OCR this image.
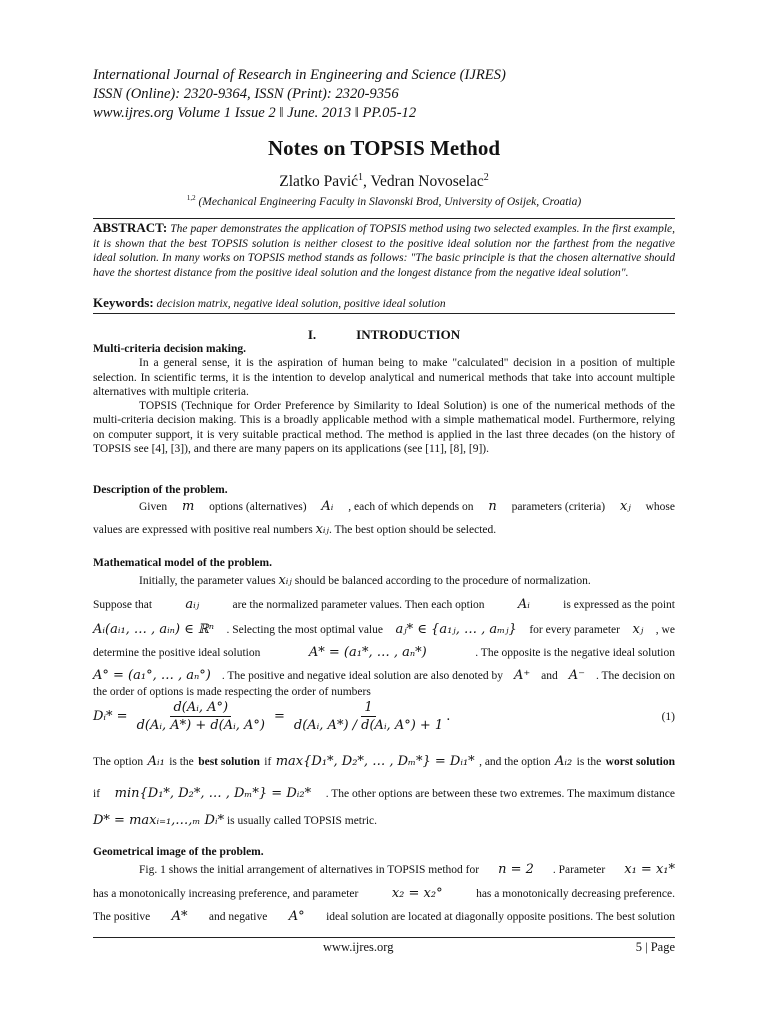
International Journal of Research in Engineering and Science (IJRES)
ISSN (Online): 2320-9364, ISSN (Print): 2320-9356
www.ijres.org Volume 1 Issue 2 ǁ June. 2013 ǁ PP.05-12
Notes on TOPSIS Method
Zlatko Pavić$^1$, Vedran Novoselac$^2$
$^{1,2}$ (Mechanical Engineering Faculty in Slavonski Brod, University of Osijek, Croatia)
ABSTRACT: The paper demonstrates the application of TOPSIS method using two selected examples. In the first example, it is shown that the best TOPSIS solution is neither closest to the positive ideal solution nor the farthest from the negative ideal solution. In many works on TOPSIS method stands as follows: "The basic principle is that the chosen alternative should have the shortest distance from the positive ideal solution and the longest distance from the negative ideal solution".
Keywords: decision matrix, negative ideal solution, positive ideal solution
I.	INTRODUCTION
Multi-criteria decision making.
In a general sense, it is the aspiration of human being to make "calculated" decision in a position of multiple selection. In scientific terms, it is the intention to develop analytical and numerical methods that take into account multiple alternatives with multiple criteria.
TOPSIS (Technique for Order Preference by Similarity to Ideal Solution) is one of the numerical methods of the multi-criteria decision making. This is a broadly applicable method with a simple mathematical model. Furthermore, relying on computer support, it is very suitable practical method. The method is applied in the last three decades (on the history of TOPSIS see [4], [3]), and there are many papers on its applications (see [11], [8], [9]).
Description of the problem.
Given m options (alternatives) Aᵢ , each of which depends on n parameters (criteria) xⱼ whose
values are expressed with positive real numbers xᵢⱼ. The best option should be selected.
Mathematical model of the problem.
Initially, the parameter values xᵢⱼ should be balanced according to the procedure of normalization.
Suppose that	aᵢⱼ	are the normalized parameter values. Then each option	Aᵢ	is expressed as the point
Aᵢ(aᵢ₁, … , aᵢₙ) ∈ ℝⁿ . Selecting the most optimal value aⱼ* ∈ {a₁ⱼ, … , aₘⱼ} for every parameter xⱼ , we
determine the positive ideal solution	A* = (a₁*, … , aₙ*)	. The opposite is the negative ideal solution
A° = (a₁°, … , aₙ°) . The positive and negative ideal solution are also denoted by A⁺ and A⁻ . The decision on
the order of options is made respecting the order of numbers
Dᵢ* = $\frac{\text{d(Aᵢ, A°)}}{\text{d(Aᵢ, A*) + d(Aᵢ, A°)}} = \frac{1}{\text{d(Aᵢ, A*) / d(Aᵢ, A°) + 1}}$ .	(1)
The option Aᵢ₁ is the best solution if max{D₁*, D₂*, … , Dₘ*} = Dᵢ₁* , and the option Aᵢ₂ is the worst solution
if min{D₁*, D₂*, … , Dₘ*} = Dᵢ₂* . The other options are between these two extremes. The maximum distance
D* = maxᵢ₌₁,…,ₘ Dᵢ* is usually called TOPSIS metric.
Geometrical image of the problem.
Fig. 1 shows the initial arrangement of alternatives in TOPSIS method for n = 2 . Parameter x₁ = x₁*
has a monotonically increasing preference, and parameter	x₂ = x₂°	has a monotonically decreasing preference.
The positive A* and negative A° ideal solution are located at diagonally opposite positions. The best solution
www.ijres.org	5 | Page
